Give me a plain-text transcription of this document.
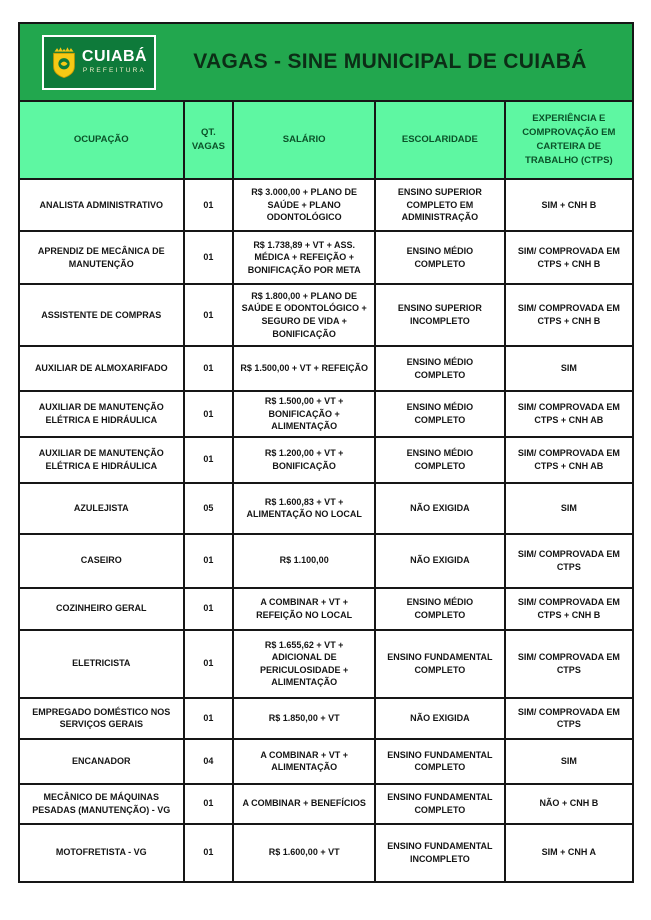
CUIABÁ
PREFEITURA	VAGAS - SINE MUNICIPAL DE CUIABÁ
OCUPAÇÃO	QT. VAGAS	SALÁRIO	ESCOLARIDADE	EXPERIÊNCIA E COMPROVAÇÃO EM CARTEIRA DE TRABALHO (CTPS)
ANALISTA ADMINISTRATIVO	01	R$ 3.000,00 + PLANO DE SAÚDE + PLANO ODONTOLÓGICO	ENSINO SUPERIOR COMPLETO EM ADMINISTRAÇÃO	SIM + CNH B
APRENDIZ DE MECÂNICA DE MANUTENÇÃO	01	R$ 1.738,89 + VT + ASS. MÉDICA + REFEIÇÃO + BONIFICAÇÃO POR META	ENSINO MÉDIO COMPLETO	SIM/ COMPROVADA EM CTPS + CNH B
ASSISTENTE DE COMPRAS	01	R$ 1.800,00 + PLANO DE SAÚDE E ODONTOLÓGICO + SEGURO DE VIDA + BONIFICAÇÃO	ENSINO SUPERIOR INCOMPLETO	SIM/ COMPROVADA EM CTPS + CNH B
AUXILIAR DE ALMOXARIFADO	01	R$ 1.500,00 + VT + REFEIÇÃO	ENSINO MÉDIO COMPLETO	SIM
AUXILIAR DE MANUTENÇÃO ELÉTRICA E HIDRÁULICA	01	R$ 1.500,00 + VT + BONIFICAÇÃO + ALIMENTAÇÃO	ENSINO MÉDIO COMPLETO	SIM/ COMPROVADA EM CTPS + CNH AB
AUXILIAR DE MANUTENÇÃO ELÉTRICA E HIDRÁULICA	01	R$ 1.200,00 + VT + BONIFICAÇÃO	ENSINO MÉDIO COMPLETO	SIM/ COMPROVADA EM CTPS + CNH AB
AZULEJISTA	05	R$ 1.600,83 + VT + ALIMENTAÇÃO NO LOCAL	NÃO EXIGIDA	SIM
CASEIRO	01	R$ 1.100,00	NÃO EXIGIDA	SIM/ COMPROVADA EM CTPS
COZINHEIRO GERAL	01	A COMBINAR + VT + REFEIÇÃO NO LOCAL	ENSINO MÉDIO COMPLETO	SIM/ COMPROVADA EM CTPS + CNH B
ELETRICISTA	01	R$ 1.655,62 + VT + ADICIONAL DE PERICULOSIDADE + ALIMENTAÇÃO	ENSINO FUNDAMENTAL COMPLETO	SIM/ COMPROVADA EM CTPS
EMPREGADO DOMÉSTICO NOS SERVIÇOS GERAIS	01	R$ 1.850,00 + VT	NÃO EXIGIDA	SIM/ COMPROVADA EM CTPS
ENCANADOR	04	A COMBINAR + VT + ALIMENTAÇÃO	ENSINO FUNDAMENTAL COMPLETO	SIM
MECÂNICO DE MÁQUINAS PESADAS (MANUTENÇÃO) - VG	01	A COMBINAR + BENEFÍCIOS	ENSINO FUNDAMENTAL COMPLETO	NÃO + CNH B
MOTOFRETISTA - VG	01	R$ 1.600,00 + VT	ENSINO FUNDAMENTAL INCOMPLETO	SIM + CNH A
